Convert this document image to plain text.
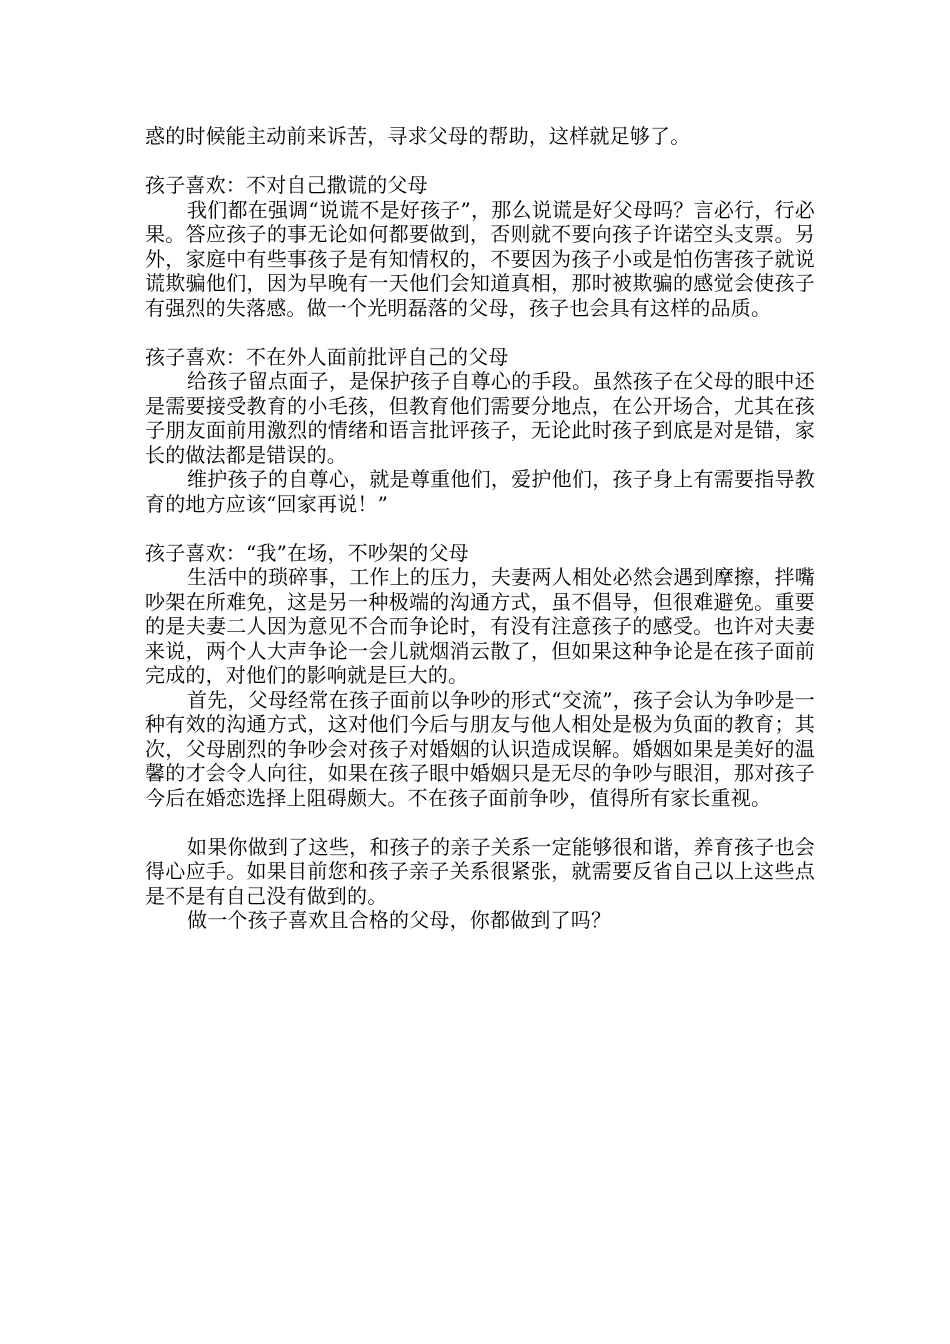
惑的时候能主动前来诉苦，寻求父母的帮助，这样就足够了。

孩子喜欢：不对自己撒谎的父母

我们都在强调“说谎不是好孩子”，那么说谎是好父母吗？言必行，行必果。答应孩子的事无论如何都要做到，否则就不要向孩子许诺空头支票。另外，家庭中有些事孩子是有知情权的，不要因为孩子小或是怕伤害孩子就说谎欺骗他们，因为早晚有一天他们会知道真相，那时被欺骗的感觉会使孩子有强烈的失落感。做一个光明磊落的父母，孩子也会具有这样的品质。

孩子喜欢：不在外人面前批评自己的父母

给孩子留点面子，是保护孩子自尊心的手段。虽然孩子在父母的眼中还是需要接受教育的小毛孩，但教育他们需要分地点，在公开场合，尤其在孩子朋友面前用激烈的情绪和语言批评孩子，无论此时孩子到底是对是错，家长的做法都是错误的。

维护孩子的自尊心，就是尊重他们，爱护他们，孩子身上有需要指导教育的地方应该“回家再说！”

孩子喜欢：“我”在场，不吵架的父母

生活中的琐碎事，工作上的压力，夫妻两人相处必然会遇到摩擦，拌嘴吵架在所难免，这是另一种极端的沟通方式，虽不倡导，但很难避免。重要的是夫妻二人因为意见不合而争论时，有没有注意孩子的感受。也许对夫妻来说，两个人大声争论一会儿就烟消云散了，但如果这种争论是在孩子面前完成的，对他们的影响就是巨大的。

首先，父母经常在孩子面前以争吵的形式“交流”，孩子会认为争吵是一种有效的沟通方式，这对他们今后与朋友与他人相处是极为负面的教育；其次，父母剧烈的争吵会对孩子对婚姻的认识造成误解。婚姻如果是美好的温馨的才会令人向往，如果在孩子眼中婚姻只是无尽的争吵与眼泪，那对孩子今后在婚恋选择上阻碍颇大。不在孩子面前争吵，值得所有家长重视。

如果你做到了这些，和孩子的亲子关系一定能够很和谐，养育孩子也会得心应手。如果目前您和孩子亲子关系很紧张，就需要反省自己以上这些点是不是有自己没有做到的。

做一个孩子喜欢且合格的父母，你都做到了吗？
